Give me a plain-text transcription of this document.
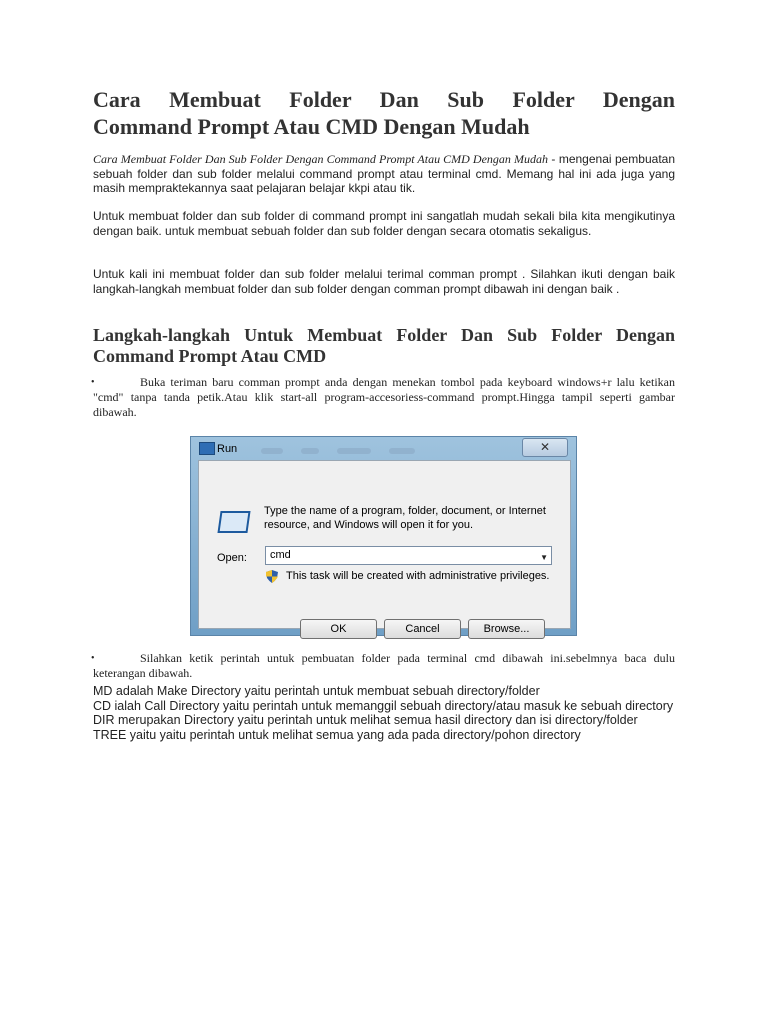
Cara Membuat Folder Dan Sub Folder Dengan
Command Prompt Atau CMD Dengan Mudah

Cara Membuat Folder Dan Sub Folder Dengan Command Prompt Atau CMD Dengan Mudah - mengenai pembuatan sebuah folder dan sub folder melalui command prompt atau terminal cmd. Memang hal ini ada juga yang masih mempraktekannya saat pelajaran belajar kkpi atau tik.

Untuk membuat folder dan sub folder di command prompt ini sangatlah mudah sekali bila kita mengikutinya dengan baik. untuk membuat sebuah folder dan sub folder dengan secara otomatis sekaligus.

Untuk kali ini membuat folder dan sub folder melalui terimal comman prompt . Silahkan ikuti dengan baik langkah-langkah membuat folder dan sub folder dengan comman prompt dibawah ini dengan baik .

Langkah-langkah Untuk Membuat Folder Dan Sub Folder Dengan
Command Prompt Atau CMD
•	Buka teriman baru comman prompt anda dengan menekan tombol pada keyboard windows+r lalu ketikan "cmd" tanpa tanda petik.Atau klik start-all program-accesoriess-command prompt.Hingga tampil seperti gambar dibawah.
•	Silahkan ketik perintah untuk pembuatan folder pada terminal cmd dibawah ini.sebelmnya baca dulu keterangan dibawah.
MD adalah Make Directory yaitu perintah untuk membuat sebuah directory/folder
CD ialah Call Directory yaitu perintah untuk memanggil sebuah directory/atau masuk ke sebuah directory
DIR merupakan Directory yaitu perintah untuk melihat semua hasil directory dan isi directory/folder
TREE yaitu yaitu perintah untuk melihat semua yang ada pada directory/pohon directory
Run	✕
Type the name of a program, folder, document, or Internet resource, and Windows will open it for you.
Open:	cmd	▼
This task will be created with administrative privileges.
OK	Cancel	Browse...
